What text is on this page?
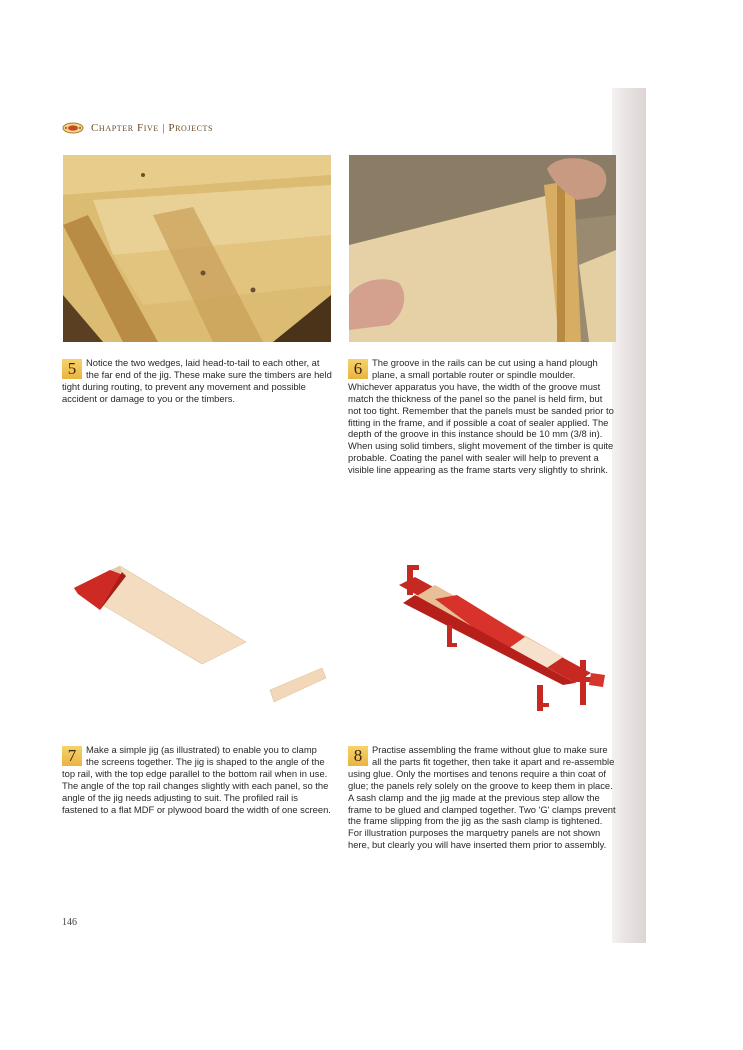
Chapter Five | Projects
5	Notice the two wedges, laid head-to-tail to each other, at the far end of the jig. These make sure the timbers are held tight during routing, to prevent any movement and possible accident or damage to you or the timbers.
6	The groove in the rails can be cut using a hand plough plane, a small portable router or spindle moulder. Whichever apparatus you have, the width of the groove must match the thickness of the panel so the panel is held firm, but not too tight. Remember that the panels must be sanded prior to fitting in the frame, and if possible a coat of sealer applied. The depth of the groove in this instance should be 10 mm (3/8 in). When using solid timbers, slight movement of the timber is quite probable. Coating the panel with sealer will help to prevent a visible line appearing as the frame starts very slightly to shrink.
7	Make a simple jig (as illustrated) to enable you to clamp the screens together. The jig is shaped to the angle of the top rail, with the top edge parallel to the bottom rail when in use. The angle of the top rail changes slightly with each panel, so the angle of the jig needs adjusting to suit. The profiled rail is fastened to a flat MDF or plywood board the width of one screen.
8	Practise assembling the frame without glue to make sure all the parts fit together, then take it apart and re-assemble using glue. Only the mortises and tenons require a thin coat of glue; the panels rely solely on the groove to keep them in place. A sash clamp and the jig made at the previous step allow the frame to be glued and clamped together. Two 'G' clamps prevent the frame slipping from the jig as the sash clamp is tightened. For illustration purposes the marquetry panels are not shown here, but clearly you will have inserted them prior to assembly.
146
